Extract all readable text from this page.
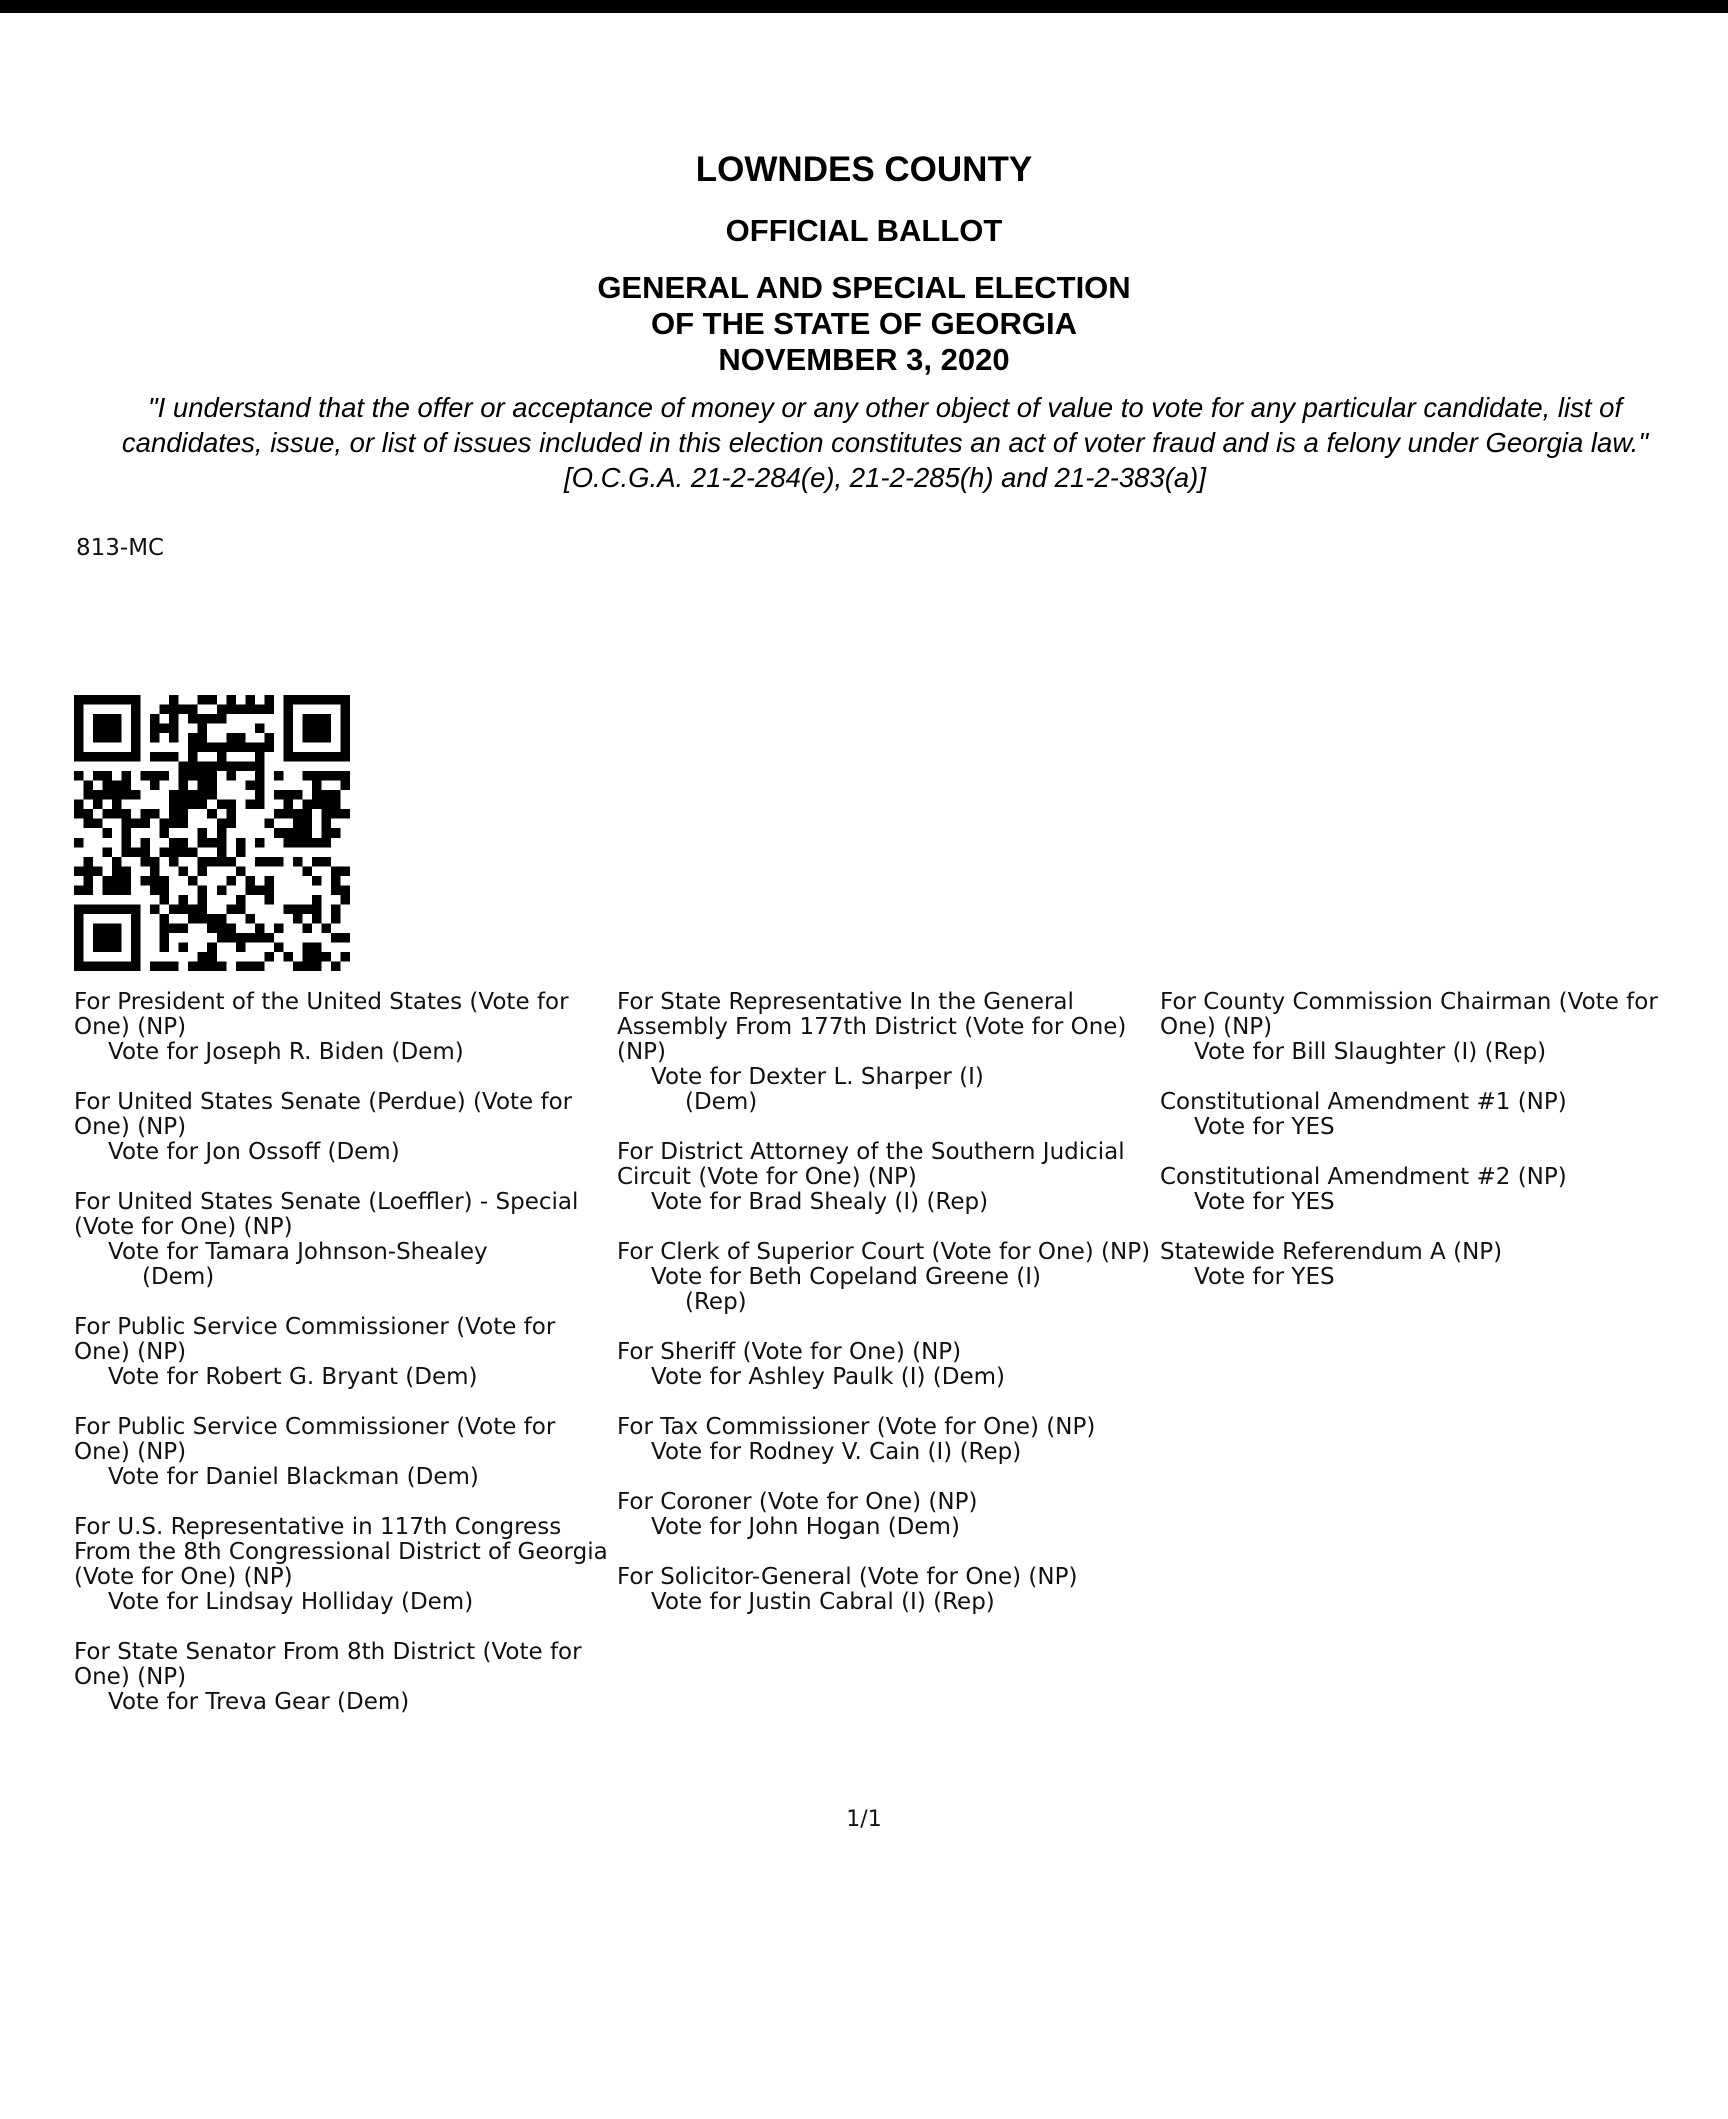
LOWNDES COUNTY
OFFICIAL BALLOT
GENERAL AND SPECIAL ELECTION
OF THE STATE OF GEORGIA
NOVEMBER 3, 2020
"I understand that the offer or acceptance of money or any other object of value to vote for any particular candidate, list of candidates, issue, or list of issues included in this election constitutes an act of voter fraud and is a felony under Georgia law." [O.C.G.A. 21-2-284(e), 21-2-285(h) and 21-2-383(a)]
813-MC
For President of the United States (Vote for One) (NP)
Vote for Joseph R. Biden (Dem)
For United States Senate (Perdue) (Vote for One) (NP)
Vote for Jon Ossoff (Dem)
For United States Senate (Loeffler) - Special (Vote for One) (NP)
Vote for Tamara Johnson-Shealey
(Dem)
For Public Service Commissioner (Vote for One) (NP)
Vote for Robert G. Bryant (Dem)
For Public Service Commissioner (Vote for One) (NP)
Vote for Daniel Blackman (Dem)
For U.S. Representative in 117th Congress From the 8th Congressional District of Georgia (Vote for One) (NP)
Vote for Lindsay Holliday (Dem)
For State Senator From 8th District (Vote for One) (NP)
Vote for Treva Gear (Dem)
For State Representative In the General Assembly From 177th District (Vote for One) (NP)
Vote for Dexter L. Sharper (I)
(Dem)
For District Attorney of the Southern Judicial Circuit (Vote for One) (NP)
Vote for Brad Shealy (I) (Rep)
For Clerk of Superior Court (Vote for One) (NP)
Vote for Beth Copeland Greene (I)
(Rep)
For Sheriff (Vote for One) (NP)
Vote for Ashley Paulk (I) (Dem)
For Tax Commissioner (Vote for One) (NP)
Vote for Rodney V. Cain (I) (Rep)
For Coroner (Vote for One) (NP)
Vote for John Hogan (Dem)
For Solicitor-General (Vote for One) (NP)
Vote for Justin Cabral (I) (Rep)
For County Commission Chairman (Vote for One) (NP)
Vote for Bill Slaughter (I) (Rep)
Constitutional Amendment #1 (NP)
Vote for YES
Constitutional Amendment #2 (NP)
Vote for YES
Statewide Referendum A (NP)
Vote for YES
1/1
